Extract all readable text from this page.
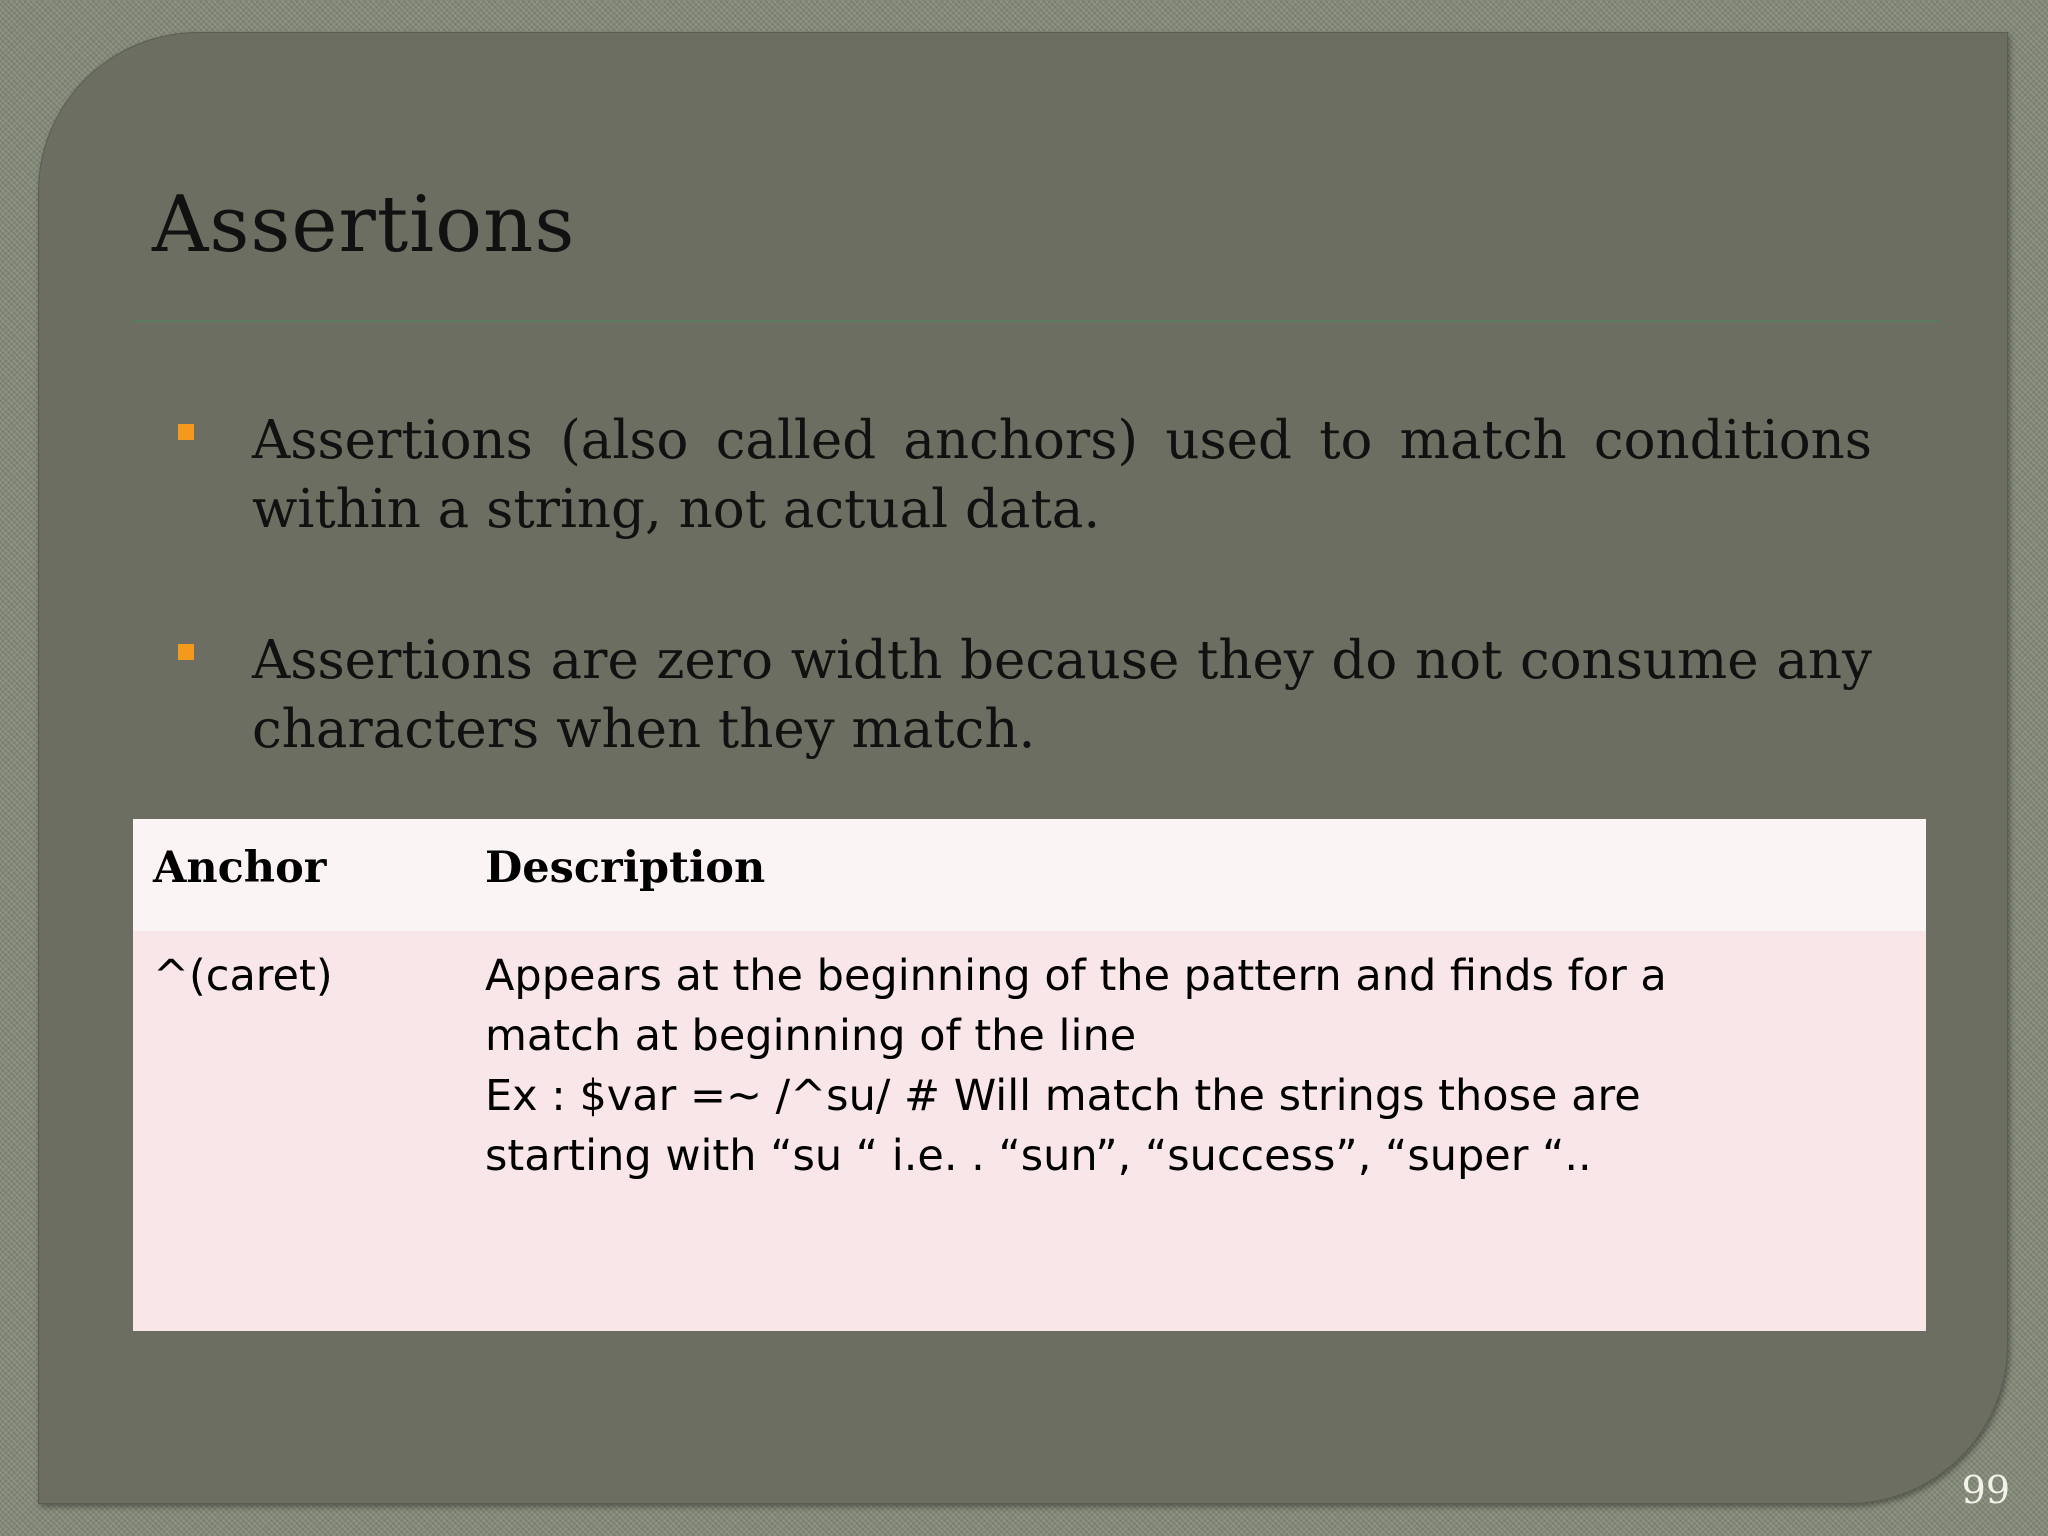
Assertions
Assertions (also called anchors) used to match conditions within a string, not actual data.
Assertions are zero width because they do not consume any characters when they match.
Anchor	Description
^(caret)	Appears at the beginning of the pattern and finds for a
match at beginning of the line
Ex : $var =~ /^su/ # Will match the strings those are
starting with “su “ i.e. . “sun”, “success”, “super “..
99
